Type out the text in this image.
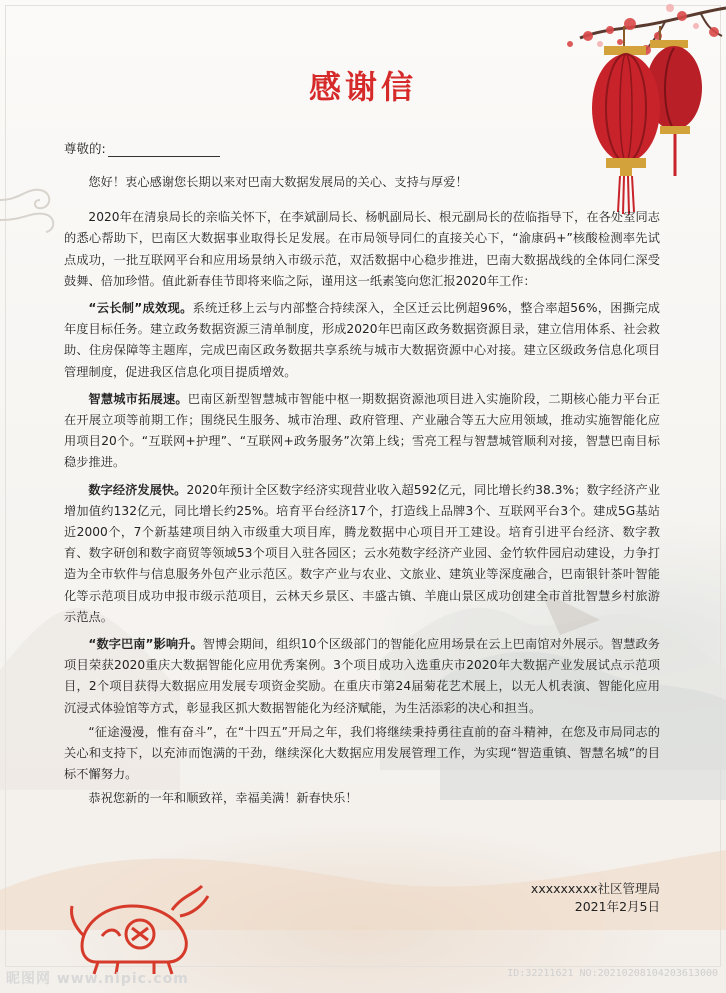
感谢信
尊敬的:

您好！衷心感谢您长期以来对巴南大数据发展局的关心、支持与厚爱！

2020年在清泉局长的亲临关怀下，在李斌副局长、杨帆副局长、根元副局长的莅临指导下，在各处室同志的悉心帮助下，巴南区大数据事业取得长足发展。在市局领导同仁的直接关心下，“渝康码+”核酸检测率先试点成功，一批互联网平台和应用场景纳入市级示范，双活数据中心稳步推进，巴南大数据战线的全体同仁深受鼓舞、倍加珍惜。值此新春佳节即将来临之际，谨用这一纸素笺向您汇报2020年工作：

“云长制”成效现。系统迁移上云与内部整合持续深入，全区迁云比例超96%，整合率超56%，困撕完成年度目标任务。建立政务数据资源三清单制度，形成2020年巴南区政务数据资源目录，建立信用体系、社会救助、住房保障等主题库，完成巴南区政务数据共享系统与城市大数据资源中心对接。建立区级政务信息化项目管理制度，促进我区信息化项目提质增效。

智慧城市拓展速。巴南区新型智慧城市智能中枢一期数据资源池项目进入实施阶段，二期核心能力平台正在开展立项等前期工作；围绕民生服务、城市治理、政府管理、产业融合等五大应用领域，推动实施智能化应用项目20个。“互联网+护理”、“互联网+政务服务”次第上线；雪亮工程与智慧城管顺利对接，智慧巴南目标稳步推进。

数字经济发展快。2020年预计全区数字经济实现营业收入超592亿元，同比增长约38.3%；数字经济产业增加值约132亿元，同比增长约25%。培育平台经济17个，打造线上品牌3个、互联网平台3个。建成5G基站近2000个，7个新基建项目纳入市级重大项目库，腾龙数据中心项目开工建设。培育引进平台经济、数字教育、数字研创和数字商贸等领域53个项目入驻各园区；云水苑数字经济产业园、金竹软件园启动建设，力争打造为全市软件与信息服务外包产业示范区。数字产业与农业、文旅业、建筑业等深度融合，巴南银针茶叶智能化等示范项目成功申报市级示范项目，云林天乡景区、丰盛古镇、羊鹿山景区成功创建全市首批智慧乡村旅游示范点。

“数字巴南”影响升。智博会期间，组织10个区级部门的智能化应用场景在云上巴南馆对外展示。智慧政务项目荣获2020重庆大数据智能化应用优秀案例。3个项目成功入选重庆市2020年大数据产业发展试点示范项目，2个项目获得大数据应用发展专项资金奖励。在重庆市第24届菊花艺术展上，以无人机表演、智能化应用沉浸式体验馆等方式，彰显我区抓大数据智能化为经济赋能，为生活添彩的决心和担当。

“征途漫漫，惟有奋斗”，在“十四五”开局之年，我们将继续秉持勇往直前的奋斗精神，在您及市局同志的关心和支持下，以充沛而饱满的干劲，继续深化大数据应用发展管理工作，为实现“智造重镇、智慧名城”的目标不懈努力。

恭祝您新的一年和顺致祥，幸福美满！新春快乐！

xxxxxxxxx社区管理局
2021年2月5日
昵图网 www.nipic.com	ID:32211621 NO:20210208104203613000
